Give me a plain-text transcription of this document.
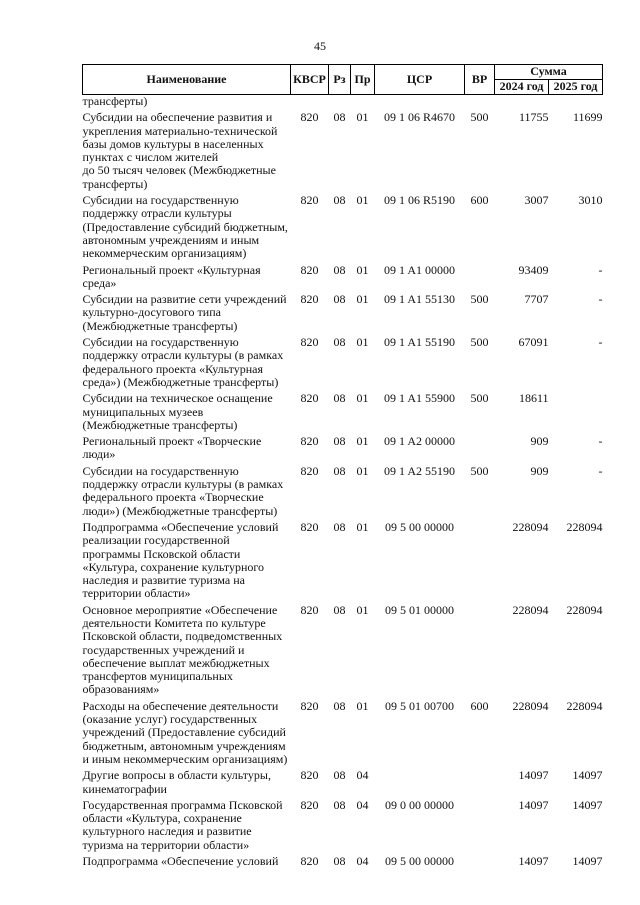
45
Наименование	КВСР	Рз	Пр	ЦСР	ВР	Сумма	
						2024 год	2025 год
трансферты)							
Субсидии на обеспечение развития и укрепления материально-технической базы домов культуры в населенных пунктах с числом жителей
до 50 тысяч человек (Межбюджетные трансферты)	820	08	01	09 1 06 R4670	500	11755	11699
Субсидии на государственную поддержку отрасли культуры (Предоставление субсидий бюджетным, автономным учреждениям и иным некоммерческим организациям)	820	08	01	09 1 06 R5190	600	3007	3010
Региональный проект «Культурная среда»	820	08	01	09 1 A1 00000		93409	-
Субсидии на развитие сети учреждений культурно-досугового типа (Межбюджетные трансферты)	820	08	01	09 1 A1 55130	500	7707	-
Субсидии на государственную поддержку отрасли культуры (в рамках федерального проекта «Культурная среда») (Межбюджетные трансферты)	820	08	01	09 1 A1 55190	500	67091	-
Субсидии на техническое оснащение муниципальных музеев (Межбюджетные трансферты)	820	08	01	09 1 A1 55900	500	18611	
Региональный проект «Творческие люди»	820	08	01	09 1 A2 00000		909	-
Субсидии на государственную поддержку отрасли культуры (в рамках федерального проекта «Творческие люди») (Межбюджетные трансферты)	820	08	01	09 1 A2 55190	500	909	-
Подпрограмма «Обеспечение условий реализации государственной программы Псковской области «Культура, сохранение культурного наследия и развитие туризма на территории области»	820	08	01	09 5 00 00000		228094	228094
Основное мероприятие «Обеспечение деятельности Комитета по культуре Псковской области, подведомственных государственных учреждений и обеспечение выплат межбюджетных трансфертов муниципальных образованиям»	820	08	01	09 5 01 00000		228094	228094
Расходы на обеспечение деятельности (оказание услуг) государственных учреждений (Предоставление субсидий бюджетным, автономным учреждениям и иным некоммерческим организациям)	820	08	01	09 5 01 00700	600	228094	228094
Другие вопросы в области культуры, кинематографии	820	08	04			14097	14097
Государственная программа Псковской области «Культура, сохранение культурного наследия и развитие туризма на территории области»	820	08	04	09 0 00 00000		14097	14097
Подпрограмма «Обеспечение условий	820	08	04	09 5 00 00000		14097	14097
